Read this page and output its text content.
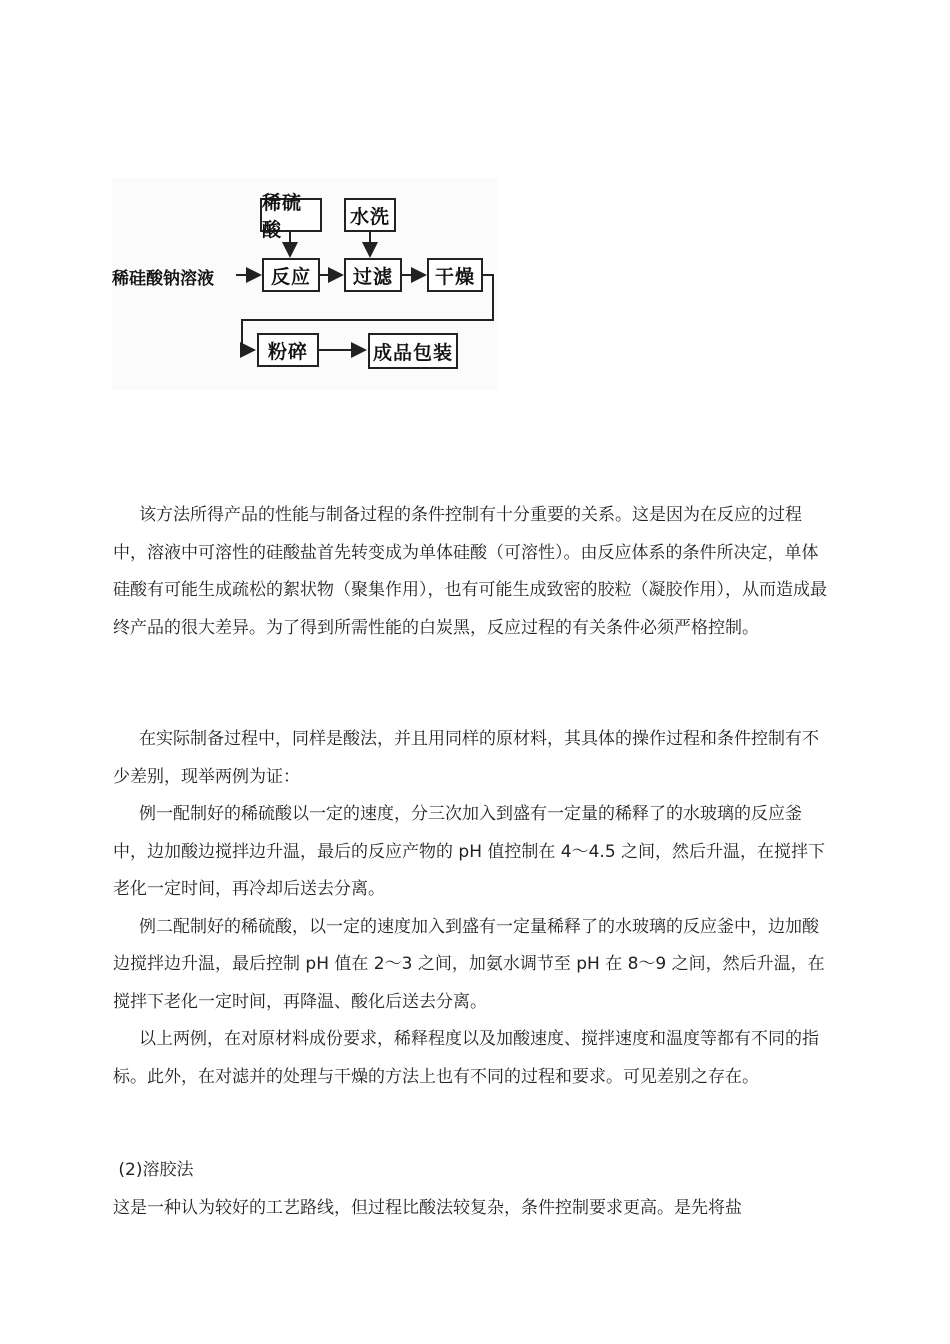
稀硅酸钠溶液
稀硫酸
水洗
反应	过滤	干燥
粉碎	成品包装

该方法所得产品的性能与制备过程的条件控制有十分重要的关系。这是因为在反应的过程中，溶液中可溶性的硅酸盐首先转变成为单体硅酸（可溶性）。由反应体系的条件所决定，单体硅酸有可能生成疏松的絮状物（聚集作用），也有可能生成致密的胶粒（凝胶作用），从而造成最终产品的很大差异。为了得到所需性能的白炭黑，反应过程的有关条件必须严格控制。

在实际制备过程中，同样是酸法，并且用同样的原材料，其具体的操作过程和条件控制有不少差别，现举两例为证：

例一配制好的稀硫酸以一定的速度，分三次加入到盛有一定量的稀释了的水玻璃的反应釜中，边加酸边搅拌边升温，最后的反应产物的 pH 值控制在 4～4.5 之间，然后升温，在搅拌下老化一定时间，再冷却后送去分离。

例二配制好的稀硫酸，以一定的速度加入到盛有一定量稀释了的水玻璃的反应釜中，边加酸边搅拌边升温，最后控制 pH 值在 2～3 之间，加氨水调节至 pH 在 8～9 之间，然后升温，在搅拌下老化一定时间，再降温、酸化后送去分离。

以上两例，在对原材料成份要求，稀释程度以及加酸速度、搅拌速度和温度等都有不同的指标。此外，在对滤并的处理与干燥的方法上也有不同的过程和要求。可见差别之存在。

(2)溶胶法
这是一种认为较好的工艺路线，但过程比酸法较复杂，条件控制要求更高。是先将盐
